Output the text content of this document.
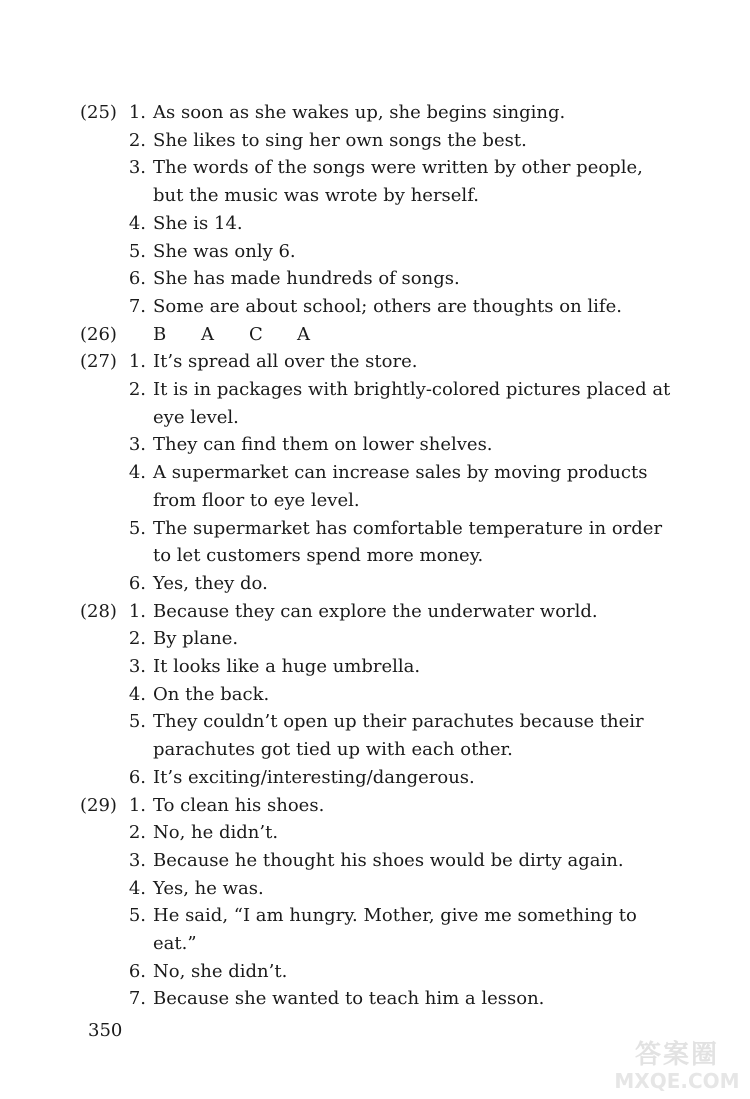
(25) 1. As soon as she wakes up, she begins singing.
2. She likes to sing her own songs the best.
3. The words of the songs were written by other people,
but the music was wrote by herself.
4. She is 14.
5. She was only 6.
6. She has made hundreds of songs.
7. Some are about school; others are thoughts on life.
(26) B A C A
(27) 1. It’s spread all over the store.
2. It is in packages with brightly-colored pictures placed at
eye level.
3. They can find them on lower shelves.
4. A supermarket can increase sales by moving products
from floor to eye level.
5. The supermarket has comfortable temperature in order
to let customers spend more money.
6. Yes, they do.
(28) 1. Because they can explore the underwater world.
2. By plane.
3. It looks like a huge umbrella.
4. On the back.
5. They couldn’t open up their parachutes because their
parachutes got tied up with each other.
6. It’s exciting/interesting/dangerous.
(29) 1. To clean his shoes.
2. No, he didn’t.
3. Because he thought his shoes would be dirty again.
4. Yes, he was.
5. He said, “I am hungry. Mother, give me something to
eat.”
6. No, she didn’t.
7. Because she wanted to teach him a lesson.
350
答案圈
MXQE.COM
